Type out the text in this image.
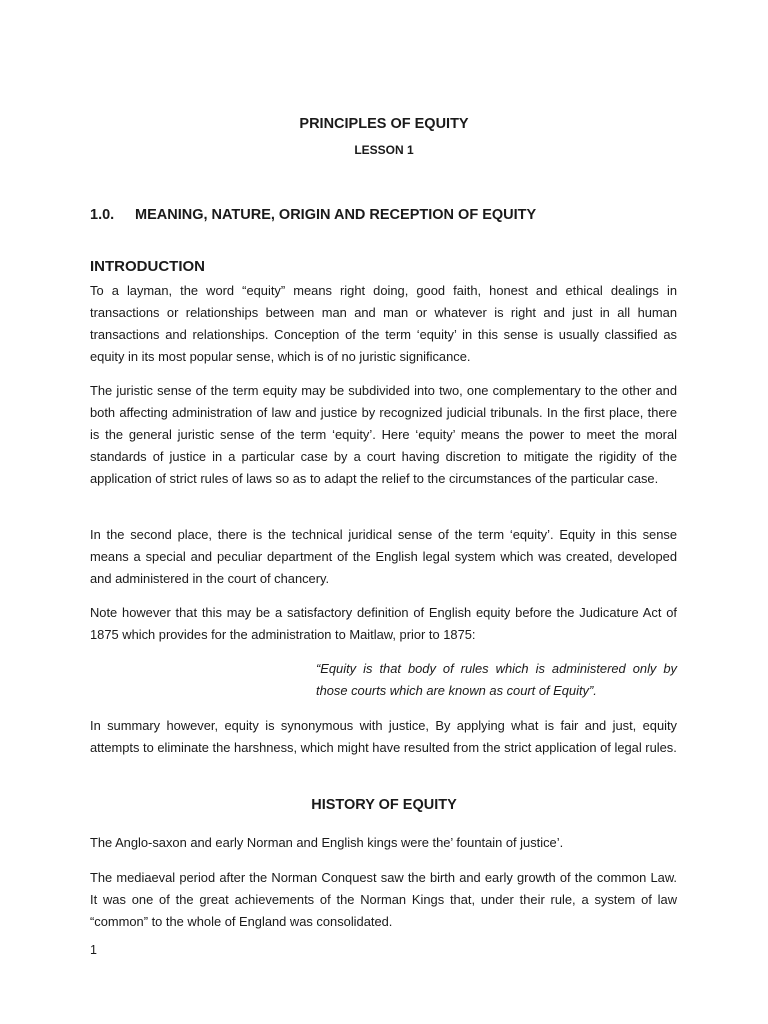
PRINCIPLES OF EQUITY
LESSON 1
1.0. MEANING, NATURE, ORIGIN AND RECEPTION OF EQUITY
INTRODUCTION

To a layman, the word “equity” means right doing, good faith, honest and ethical dealings in transactions or relationships between man and man or whatever is right and just in all human transactions and relationships. Conception of the term ‘equity’ in this sense is usually classified as equity in its most popular sense, which is of no juristic significance.

The juristic sense of the term equity may be subdivided into two, one complementary to the other and both affecting administration of law and justice by recognized judicial tribunals. In the first place, there is the general juristic sense of the term ‘equity’. Here ‘equity’ means the power to meet the moral standards of justice in a particular case by a court having discretion to mitigate the rigidity of the application of strict rules of laws so as to adapt the relief to the circumstances of the particular case.

In the second place, there is the technical juridical sense of the term ‘equity’. Equity in this sense means a special and peculiar department of the English legal system which was created, developed and administered in the court of chancery.

Note however that this may be a satisfactory definition of English equity before the Judicature Act of 1875 which provides for the administration to Maitlaw, prior to 1875:

“Equity is that body of rules which is administered only by those courts which are known as court of Equity”.

In summary however, equity is synonymous with justice, By applying what is fair and just, equity attempts to eliminate the harshness, which might have resulted from the strict application of legal rules.

HISTORY OF EQUITY

The Anglo-saxon and early Norman and English kings were the’ fountain of justice’.

The mediaeval period after the Norman Conquest saw the birth and early growth of the common Law. It was one of the great achievements of the Norman Kings that, under their rule, a system of law “common” to the whole of England was consolidated.

1
